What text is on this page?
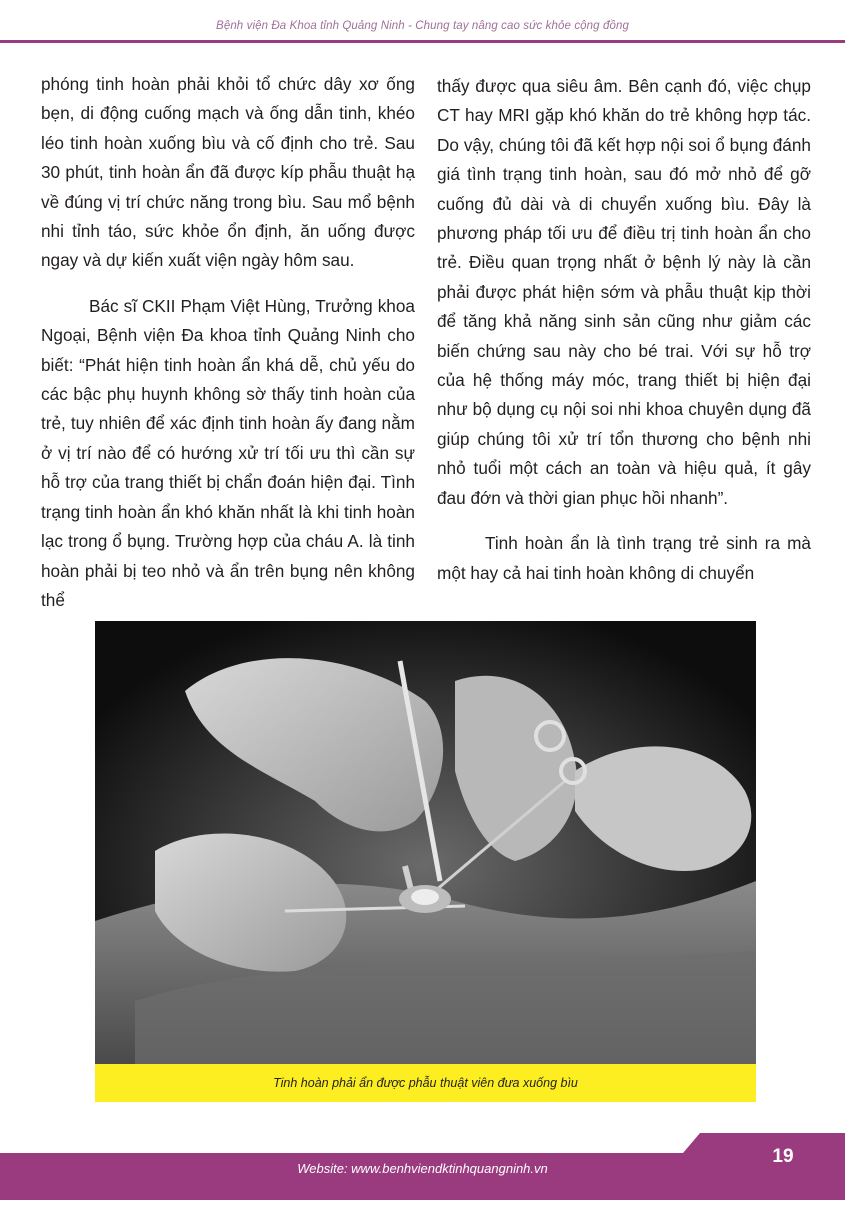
Bệnh viện Đa Khoa tỉnh Quảng Ninh - Chung tay nâng cao sức khỏe cộng đồng

phóng tinh hoàn phải khỏi tổ chức dây xơ ống bẹn, di động cuống mạch và ống dẫn tinh, khéo léo tinh hoàn xuống bìu và cố định cho trẻ. Sau 30 phút, tinh hoàn ẩn đã được kíp phẫu thuật hạ về đúng vị trí chức năng trong bìu. Sau mổ bệnh nhi tỉnh táo, sức khỏe ổn định, ăn uống được ngay và dự kiến xuất viện ngày hôm sau.

Bác sĩ CKII Phạm Việt Hùng, Trưởng khoa Ngoại, Bệnh viện Đa khoa tỉnh Quảng Ninh cho biết: “Phát hiện tinh hoàn ẩn khá dễ, chủ yếu do các bậc phụ huynh không sờ thấy tinh hoàn của trẻ, tuy nhiên để xác định tinh hoàn ấy đang nằm ở vị trí nào để có hướng xử trí tối ưu thì cần sự hỗ trợ của trang thiết bị chẩn đoán hiện đại. Tình trạng tinh hoàn ẩn khó khăn nhất là khi tinh hoàn lạc trong ổ bụng. Trường hợp của cháu A. là tinh hoàn phải bị teo nhỏ và ẩn trên bụng nên không thể

thấy được qua siêu âm. Bên cạnh đó, việc chụp CT hay MRI gặp khó khăn do trẻ không hợp tác. Do vậy, chúng tôi đã kết hợp nội soi ổ bụng đánh giá tình trạng tinh hoàn, sau đó mở nhỏ để gỡ cuống đủ dài và di chuyển xuống bìu. Đây là phương pháp tối ưu để điều trị tinh hoàn ẩn cho trẻ. Điều quan trọng nhất ở bệnh lý này là cần phải được phát hiện sớm và phẫu thuật kịp thời để tăng khả năng sinh sản cũng như giảm các biến chứng sau này cho bé trai. Với sự hỗ trợ của hệ thống máy móc, trang thiết bị hiện đại như bộ dụng cụ nội soi nhi khoa chuyên dụng đã giúp chúng tôi xử trí tổn thương cho bệnh nhi nhỏ tuổi một cách an toàn và hiệu quả, ít gây đau đớn và thời gian phục hồi nhanh”.

Tinh hoàn ẩn là tình trạng trẻ sinh ra mà một hay cả hai tinh hoàn không di chuyển

Tinh hoàn phải ẩn được phẫu thuật viên đưa xuống bìu
19
Website: www.benhviendktinhquangninh.vn
